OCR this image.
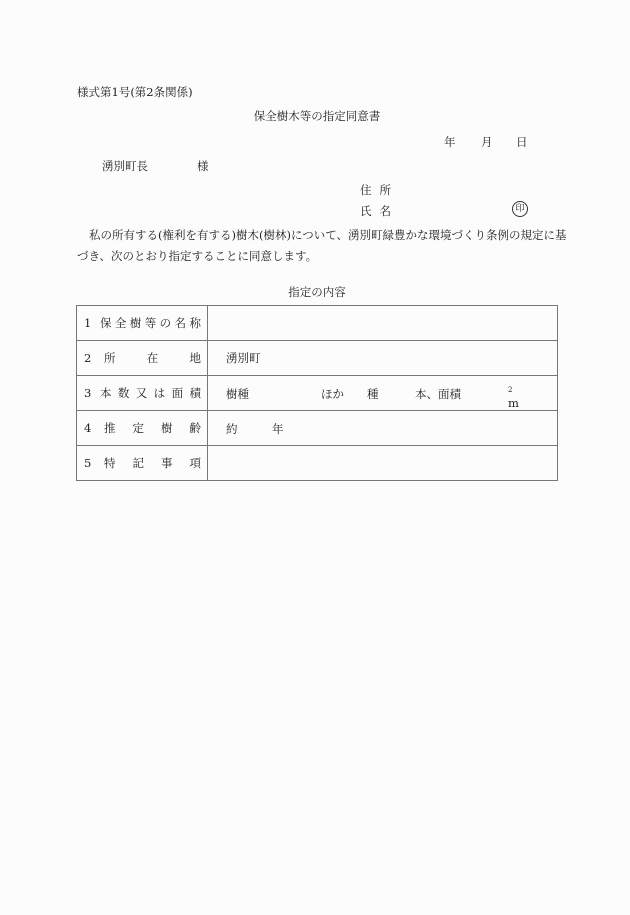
様式第1号(第2条関係)
保全樹木等の指定同意書
年 月 日
湧別町長	様
住所
氏名	印
私の所有する(権利を有する)樹木(樹林)について、湧別町緑豊かな環境づくり条例の規定に基づき、次のとおり指定することに同意します。
指定の内容
1 保 全 樹 等 の 名 称

2 所 在 地	湧別町

3 本 数 又 は 面 積	樹種	ほか 種	本、面積
m
$^2$

4 推 定 樹 齢	約 年

5 特 記 事 項	
